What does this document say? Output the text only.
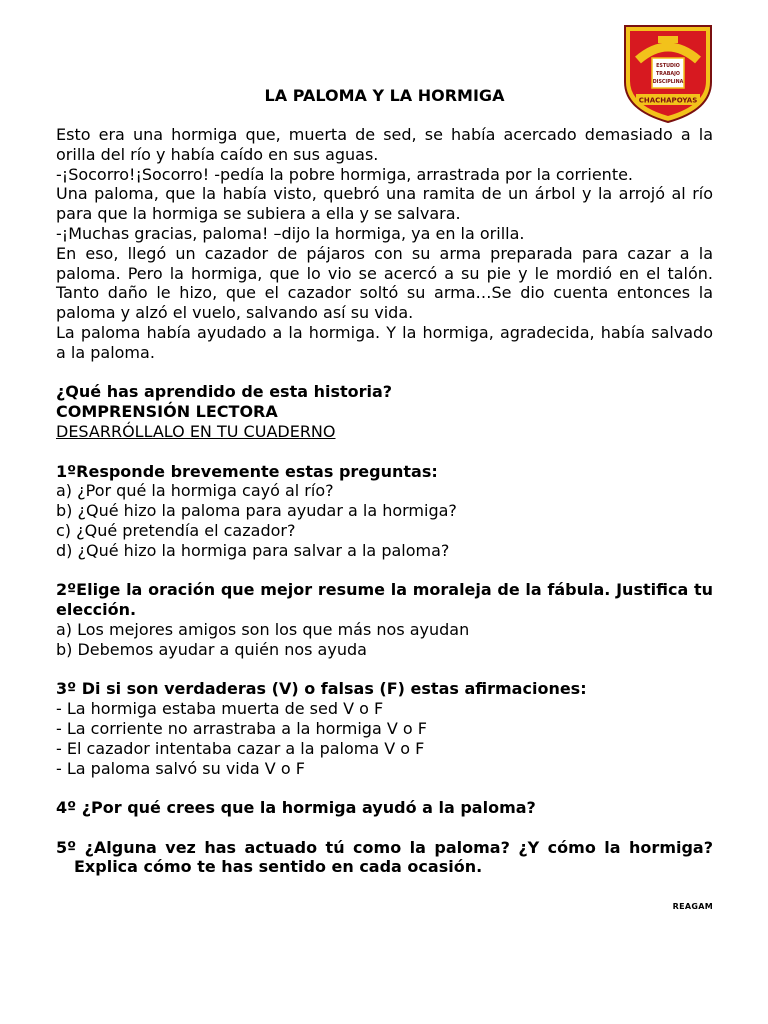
ESTUDIO
TRABAJO
DISCIPLINA
CHACHAPOYAS
LA PALOMA Y LA HORMIGA

Esto era una hormiga que, muerta de sed, se había acercado demasiado a la orilla del río y había caído en sus aguas.

-¡Socorro!¡Socorro! -pedía la pobre hormiga, arrastrada por la corriente.

Una paloma, que la había visto, quebró una ramita de un árbol y la arrojó al río para que la hormiga se subiera a ella y se salvara.

-¡Muchas gracias, paloma! –dijo la hormiga, ya en la orilla.

En eso, llegó un cazador de pájaros con su arma preparada para cazar a la paloma. Pero la hormiga, que lo vio se acercó a su pie y le mordió en el talón. Tanto daño le hizo, que el cazador soltó su arma…Se dio cuenta entonces la paloma y alzó el vuelo, salvando así su vida.

La paloma había ayudado a la hormiga. Y la hormiga, agradecida, había salvado a la paloma.

¿Qué has aprendido de esta historia?

COMPRENSIÓN LECTORA

DESARRÓLLALO EN TU CUADERNO

1ºResponde brevemente estas preguntas:

a) ¿Por qué la hormiga cayó al río?

b) ¿Qué hizo la paloma para ayudar a la hormiga?

c) ¿Qué pretendía el cazador?

d) ¿Qué hizo la hormiga para salvar a la paloma?

2ºElige la oración que mejor resume la moraleja de la fábula. Justifica tu elección.

a) Los mejores amigos son los que más nos ayudan

b) Debemos ayudar a quién nos ayuda

3º Di si son verdaderas (V) o falsas (F) estas afirmaciones:

- La hormiga estaba muerta de sed V o F

- La corriente no arrastraba a la hormiga V o F

- El cazador intentaba cazar a la paloma V o F

- La paloma salvó su vida V o F

4º ¿Por qué crees que la hormiga ayudó a la paloma?

5º ¿Alguna vez has actuado tú como la paloma? ¿Y cómo la hormiga? Explica cómo te has sentido en cada ocasión.

REAGAM
